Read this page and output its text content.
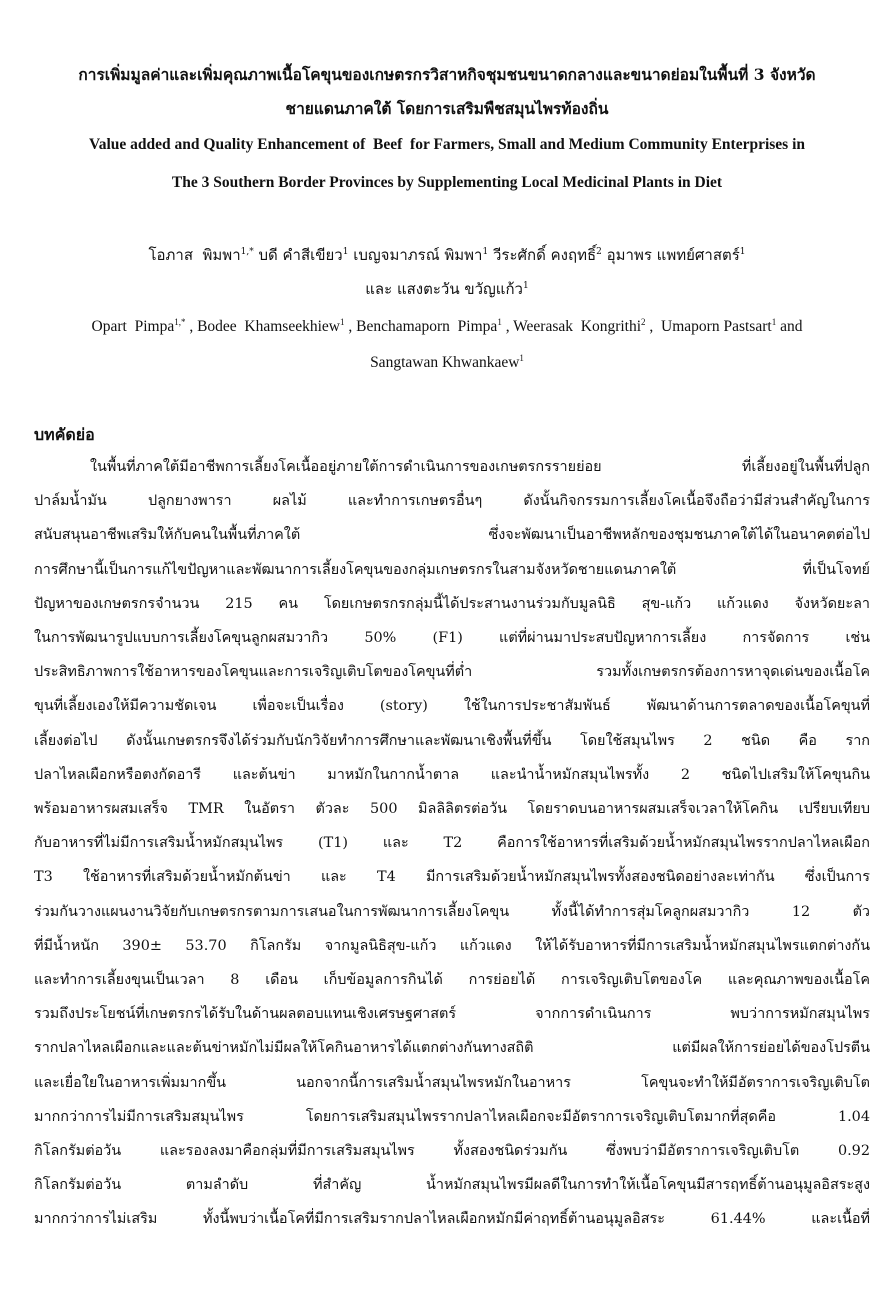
การเพิ่มมูลค่าและเพิ่มคุณภาพเนื้อโคขุนของเกษตรกรวิสาหกิจชุมชนขนาดกลางและขนาดย่อมในพื้นที่ 3 จังหวัด
ชายแดนภาคใต้ โดยการเสริมพืชสมุนไพรท้องถิ่น
Value added and Quality Enhancement of  Beef  for Farmers, Small and Medium Community Enterprises in
The 3 Southern Border Provinces by Supplementing Local Medicinal Plants in Diet
โอภาส  พิมพา$^{1,*}$ บดี คำสีเขียว$^1$ เบญจมาภรณ์ พิมพา$^1$ วีระศักดิ์ คงฤทธิ์$^2$ อุมาพร แพทย์ศาสตร์$^1$
และ แสงตะวัน ขวัญแก้ว$^1$
Opart  Pimpa$^{1,*}$ , Bodee  Khamseekhiew$^1$ , Benchamaporn  Pimpa$^1$ , Weerasak  Kongrithi$^2$ ,  Umaporn Pastsart$^1$ and
Sangtawan Khwankaew$^1$
บทคัดย่อ
ในพื้นที่ภาคใต้มีอาชีพการเลี้ยงโคเนื้ออยู่ภายใต้การดำเนินการของเกษตรกรรายย่อย ที่เลี้ยงอยู่ในพื้นที่ปลูก
ปาล์มน้ำมัน ปลูกยางพารา ผลไม้ และทำการเกษตรอื่นๆ ดังนั้นกิจกรรมการเลี้ยงโคเนื้อจึงถือว่ามีส่วนสำคัญในการ
สนับสนุนอาชีพเสริมให้กับคนในพื้นที่ภาคใต้ ซึ่งจะพัฒนาเป็นอาชีพหลักของชุมชนภาคใต้ได้ในอนาคตต่อไป
การศึกษานี้เป็นการแก้ไขปัญหาและพัฒนาการเลี้ยงโคขุนของกลุ่มเกษตรกรในสามจังหวัดชายแดนภาคใต้ ที่เป็นโจทย์
ปัญหาของเกษตรกรจำนวน 215 คน โดยเกษตรกรกลุ่มนี้ได้ประสานงานร่วมกับมูลนิธิ สุข-แก้ว แก้วแดง จังหวัดยะลา
ในการพัฒนารูปแบบการเลี้ยงโคขุนลูกผสมวากิว 50% (F1) แต่ที่ผ่านมาประสบปัญหาการเลี้ยง การจัดการ เช่น
ประสิทธิภาพการใช้อาหารของโคขุนและการเจริญเติบโตของโคขุนที่ต่ำ รวมทั้งเกษตรกรต้องการหาจุดเด่นของเนื้อโค
ขุนที่เลี้ยงเองให้มีความชัดเจน เพื่อจะเป็นเรื่อง (story) ใช้ในการประชาสัมพันธ์ พัฒนาด้านการตลาดของเนื้อโคขุนที่
เลี้ยงต่อไป ดังนั้นเกษตรกรจึงได้ร่วมกับนักวิจัยทำการศึกษาและพัฒนาเชิงพื้นที่ขึ้น โดยใช้สมุนไพร 2 ชนิด คือ ราก
ปลาไหลเผือกหรือตงกัดอารี และต้นข่า มาหมักในกากน้ำตาล และนำน้ำหมักสมุนไพรทั้ง 2 ชนิดไปเสริมให้โคขุนกิน
พร้อมอาหารผสมเสร็จ TMR ในอัตรา ตัวละ 500 มิลลิลิตรต่อวัน โดยราดบนอาหารผสมเสร็จเวลาให้โคกิน เปรียบเทียบ
กับอาหารที่ไม่มีการเสริมน้ำหมักสมุนไพร (T1) และ T2 คือการใช้อาหารที่เสริมด้วยน้ำหมักสมุนไพรรากปลาไหลเผือก
T3 ใช้อาหารที่เสริมด้วยน้ำหมักต้นข่า และ T4 มีการเสริมด้วยน้ำหมักสมุนไพรทั้งสองชนิดอย่างละเท่ากัน ซึ่งเป็นการ
ร่วมกันวางแผนงานวิจัยกับเกษตรกรตามการเสนอในการพัฒนาการเลี้ยงโคขุน ทั้งนี้ได้ทำการสุ่มโคลูกผสมวากิว 12 ตัว
ที่มีน้ำหนัก 390± 53.70 กิโลกรัม จากมูลนิธิสุข-แก้ว แก้วแดง ให้ได้รับอาหารที่มีการเสริมน้ำหมักสมุนไพรแตกต่างกัน
และทำการเลี้ยงขุนเป็นเวลา 8 เดือน เก็บข้อมูลการกินได้ การย่อยได้ การเจริญเติบโตของโค และคุณภาพของเนื้อโค
รวมถึงประโยชน์ที่เกษตรกรได้รับในด้านผลตอบแทนเชิงเศรษฐศาสตร์ จากการดำเนินการ พบว่าการหมักสมุนไพร
รากปลาไหลเผือกและและต้นข่าหมักไม่มีผลให้โคกินอาหารได้แตกต่างกันทางสถิติ แต่มีผลให้การย่อยได้ของโปรตีน
และเยื่อใยในอาหารเพิ่มมากขึ้น นอกจากนี้การเสริมน้ำสมุนไพรหมักในอาหาร โคขุนจะทำให้มีอัตราการเจริญเติบโต
มากกว่าการไม่มีการเสริมสมุนไพร โดยการเสริมสมุนไพรรากปลาไหลเผือกจะมีอัตราการเจริญเติบโตมากที่สุดคือ 1.04
กิโลกรัมต่อวัน และรองลงมาคือกลุ่มที่มีการเสริมสมุนไพร ทั้งสองชนิดร่วมกัน ซึ่งพบว่ามีอัตราการเจริญเติบโต 0.92
กิโลกรัมต่อวัน ตามลำดับ ที่สำคัญ น้ำหมักสมุนไพรมีผลดีในการทำให้เนื้อโคขุนมีสารฤทธิ์ต้านอนุมูลอิสระสูง
มากกว่าการไม่เสริม ทั้งนี้พบว่าเนื้อโคที่มีการเสริมรากปลาไหลเผือกหมักมีค่าฤทธิ์ต้านอนุมูลอิสระ 61.44% และเนื้อที่
